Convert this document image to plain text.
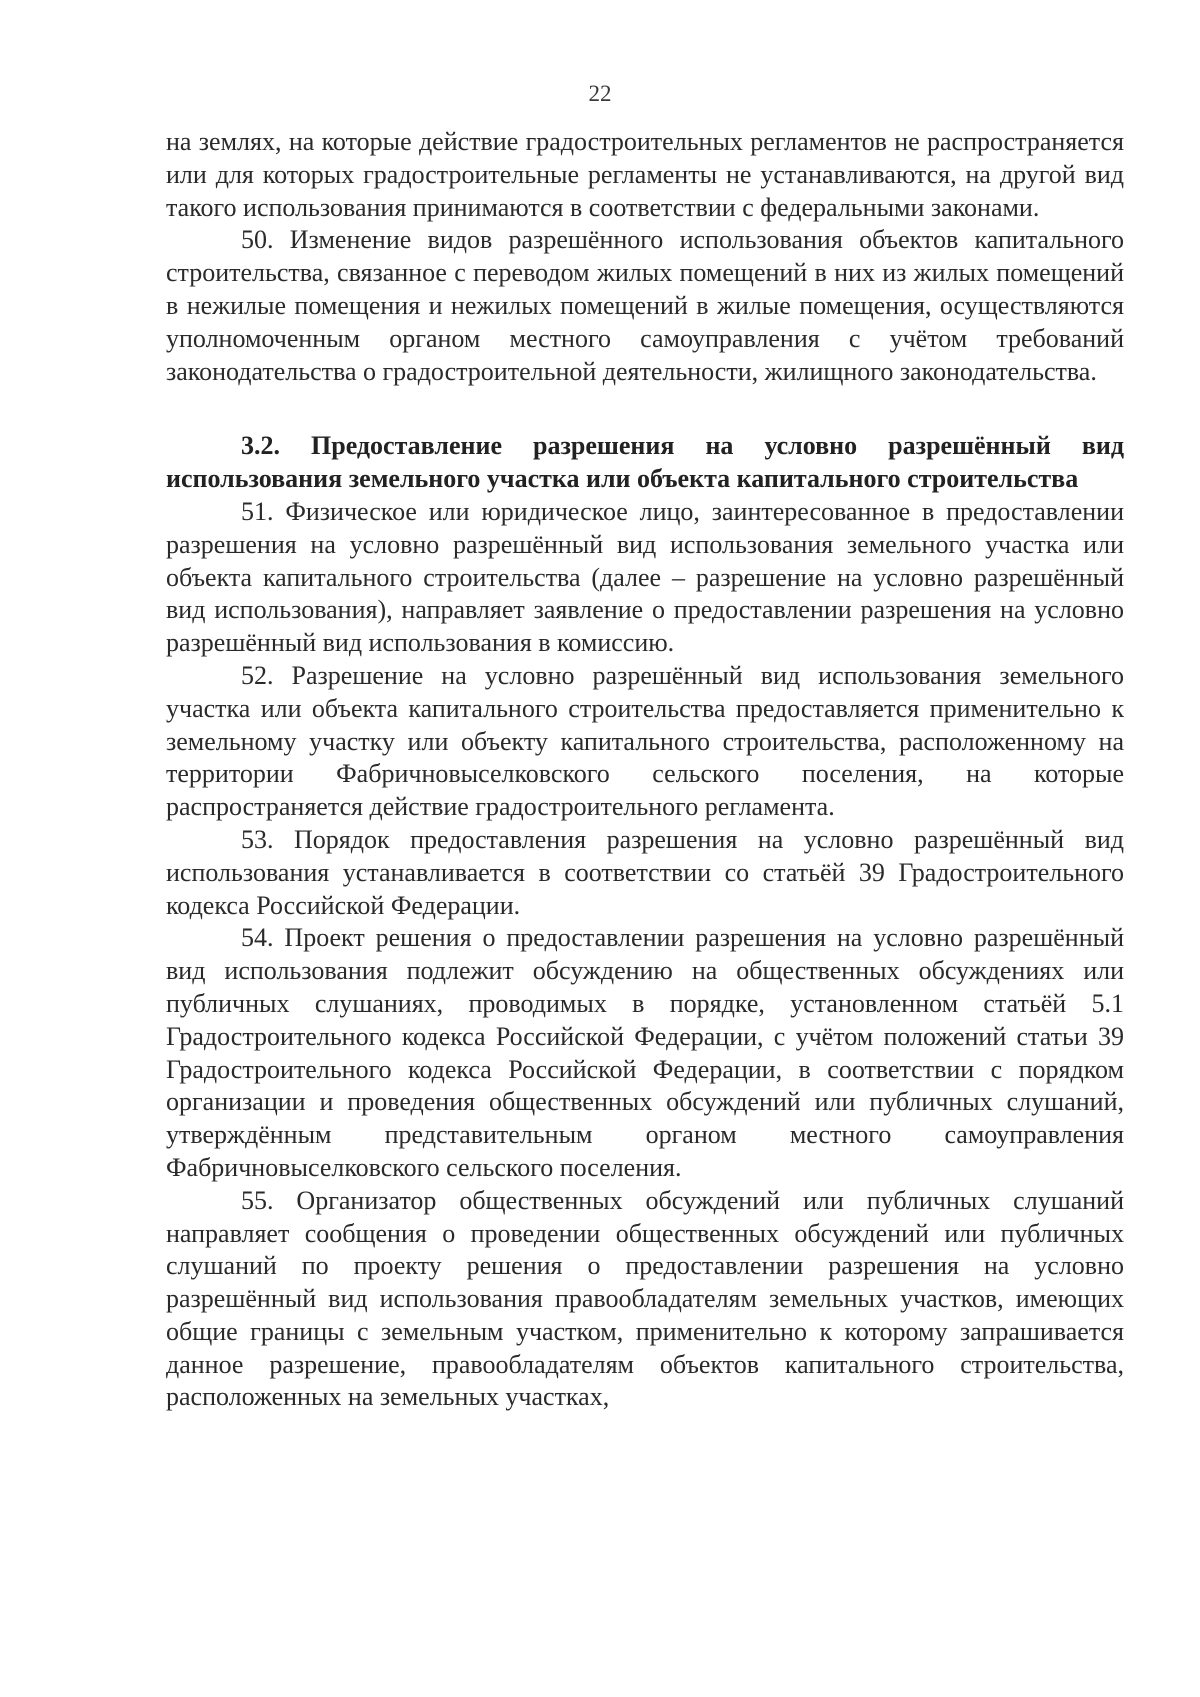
22

на землях, на которые действие градостроительных регламентов не распространяется или для которых градостроительные регламенты не устанавливаются, на другой вид такого использования принимаются в соответствии с федеральными законами.

50. Изменение видов разрешённого использования объектов капитального строительства, связанное с переводом жилых помещений в них из жилых помещений в нежилые помещения и нежилых помещений в жилые помещения, осуществляются уполномоченным органом местного самоуправления с учётом требований законодательства о градостроительной деятельности, жилищного законодательства.

3.2. Предоставление разрешения на условно разрешённый вид использования земельного участка или объекта капитального строительства

51. Физическое или юридическое лицо, заинтересованное в предоставлении разрешения на условно разрешённый вид использования земельного участка или объекта капитального строительства (далее – разрешение на условно разрешённый вид использования), направляет заявление о предоставлении разрешения на условно разрешённый вид использования в комиссию.

52. Разрешение на условно разрешённый вид использования земельного участка или объекта капитального строительства предоставляется применительно к земельному участку или объекту капитального строительства, расположенному на территории Фабричновыселковского сельского поселения, на которые распространяется действие градостроительного регламента.

53. Порядок предоставления разрешения на условно разрешённый вид использования устанавливается в соответствии со статьёй 39 Градостроительного кодекса Российской Федерации.

54. Проект решения о предоставлении разрешения на условно разрешённый вид использования подлежит обсуждению на общественных обсуждениях или публичных слушаниях, проводимых в порядке, установленном статьёй 5.1 Градостроительного кодекса Российской Федерации, с учётом положений статьи 39 Градостроительного кодекса Российской Федерации, в соответствии с порядком организации и проведения общественных обсуждений или публичных слушаний, утверждённым представительным органом местного самоуправления Фабричновыселковского сельского поселения.

55. Организатор общественных обсуждений или публичных слушаний направляет сообщения о проведении общественных обсуждений или публичных слушаний по проекту решения о предоставлении разрешения на условно разрешённый вид использования правообладателям земельных участков, имеющих общие границы с земельным участком, применительно к которому запрашивается данное разрешение, правообладателям объектов капитального строительства, расположенных на земельных участках,
